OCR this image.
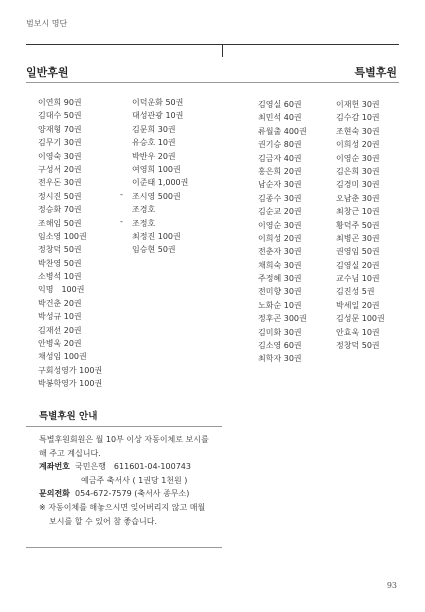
범보시 명단
일반후원	특별후원
이연희 90권
김대수 50권
양재형 70권
김무기 30권
이영숙 30권
구성서 20권
전우돈 30권
정시진 50권
정승화 70권
조해임 50권
임소영 100권
정창덕 50권
박찬영 50권
소병석 10권
익명　100권
박건춘 20권
박성규 10권
김재선 20권
안병욱 20권
채성임 100권
구회성영가 100권
박봉학영가 100권
이덕운화 50권
대성관광 10권
김문희 30권
유승호 10권
박반우 20권
여영희 100권
이준태 1,000권
조시영 500권
조경호
조정호
최정진 100권
임승현 50권
-
-
김영실 60권
최민석 40권
류월출 400권
권기승 80권
김금자 40권
홍은희 20권
남순자 30권
김종수 30권
김순교 20권
이영순 30권
이희성 20권
전춘자 30권
채희숙 30권
주정혜 30권
전미향 30권
노화순 10권
정후곤 300권
김미화 30권
김소영 60권
최학자 30권
이재헌 30권
김수감 10권
조현숙 30권
이희성 20권
이영순 30권
김은희 30권
김경미 30권
오남춘 30권
최창근 10권
황덕주 50권
최병곤 30권
권영임 50권
김영실 20권
교수님 10권
김진성 5권
박세일 20권
김성문 100권
안효욱 10권
정창덕 50권
특별후원 안내
특별후원회원은 월 10부 이상 자동이체로 보시를
해 주고 계십니다.
계좌번호 국민은행　611601-04-100743
예금주 축서사 ( 1권당 1천원 )
문의전화 054-672-7579 (축서사 종무소)
※ 자동이체를 해놓으시면 잊어버리지 않고 매월
보시를 할 수 있어 참 좋습니다.
93
